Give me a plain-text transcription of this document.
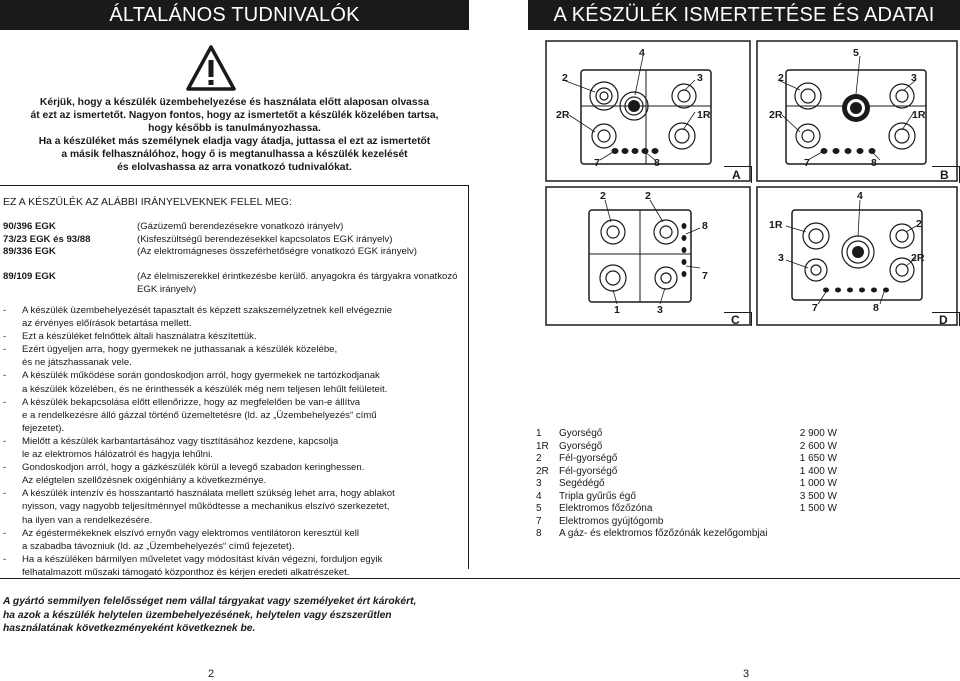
ÁLTALÁNOS TUDNIVALÓK	A KÉSZÜLÉK ISMERTETÉSE ÉS ADATAI

Kérjük, hogy a készülék üzembehelyezése és használata előtt alaposan olvassa

át ezt az ismertetőt. Nagyon fontos, hogy az ismertetőt a készülék közelében tartsa,

hogy később is tanulmányozhassa.

Ha a készüléket más személynek eladja vagy átadja, juttassa el ezt az ismertetőt

a másik felhasználóhoz, hogy ő is megtanulhassa a készülék kezelését

és elolvashassa az arra vonatkozó tudnivalókat.

EZ A KÉSZÜLÉK AZ ALÁBBI IRÁNYELVEKNEK FELEL MEG:
90/396 EGK	(Gázüzemű berendezésekre vonatkozó irányelv)
73/23 EGK és 93/88	(Kisfeszültségű berendezésekkel kapcsolatos EGK irányelv)
89/336 EGK	(Az elektromágneses összeférhetőségre vonatkozó EGK irányelv)
89/109 EGK	(Az élelmiszerekkel érintkezésbe kerülő. anyagokra és tárgyakra vonatkozó EGK irányelv)
- A készülék üzembehelyezését tapasztalt és képzett szakszemélyzetnek kell elvégeznie
az érvényes előírások betartása mellett.
- Ezt a készüléket felnőttek általi használatra készítettük.
- Ezért ügyeljen arra, hogy gyermekek ne juthassanak a készülék közelébe,
és ne játszhassanak vele.
- A készülék működése során gondoskodjon arról, hogy gyermekek ne tartózkodjanak
a készülék közelében, és ne érinthessék a készülék még nem teljesen lehűlt felületeit.
- A készülék bekapcsolása előtt ellenőrizze, hogy az megfelelően be van-e állítva
e a rendelkezésre álló gázzal történő üzemeltetésre (ld. az „Üzembehelyezés“ című
fejezetet).
- Mielőtt a készülék karbantartásához vagy tisztításához kezdene, kapcsolja
le az elektromos hálózatról és hagyja lehűlni.
- Gondoskodjon arról, hogy a gázkészülék körül a levegő szabadon keringhessen.
Az elégtelen szellőzésnek oxigénhiány a következménye.
- A készülék intenzív és hosszantartó használata mellett szükség lehet arra, hogy ablakot
nyisson, vagy nagyobb teljesítménnyel működtesse a mechanikus elszívó szerkezetet,
ha ilyen van a rendelkezésére.
- Az égéstermékeknek elszívó ernyőn vagy elektromos ventilátoron keresztül kell
a szabadba távozniuk (ld. az „Üzembehelyezés“ című fejezetet).
- Ha a készüléken bármilyen műveletet vagy módosítást kíván végezni, forduljon egyik
felhatalmazott műszaki támogató központhoz és kérjen eredeti alkatrészeket.
4
2	3
2R	1R
7	8
A
5
2	3
2R	1R
7	8
B
2	2
8
7
1	3
C
4
1R	2
3	2R
7	8
D
1 Gyorségő	2 900 W
1R Gyorségő	2 600 W
2 Fél-gyorségő	1 650 W
2R Fél-gyorségő	1 400 W
3 Segédégő	1 000 W
4 Tripla gyűrűs égő	3 500 W
5 Elektromos főzőzóna	1 500 W
7 Elektromos gyújtógomb
8 A gáz- és elektromos főzőzónák kezelőgombjai
A gyártó semmilyen felelősséget nem vállal tárgyakat vagy személyeket ért károkért,
ha azok a készülék helytelen üzembehelyezésének, helytelen vagy észszerűtlen
használatának következményeként következnek be.
2	3
